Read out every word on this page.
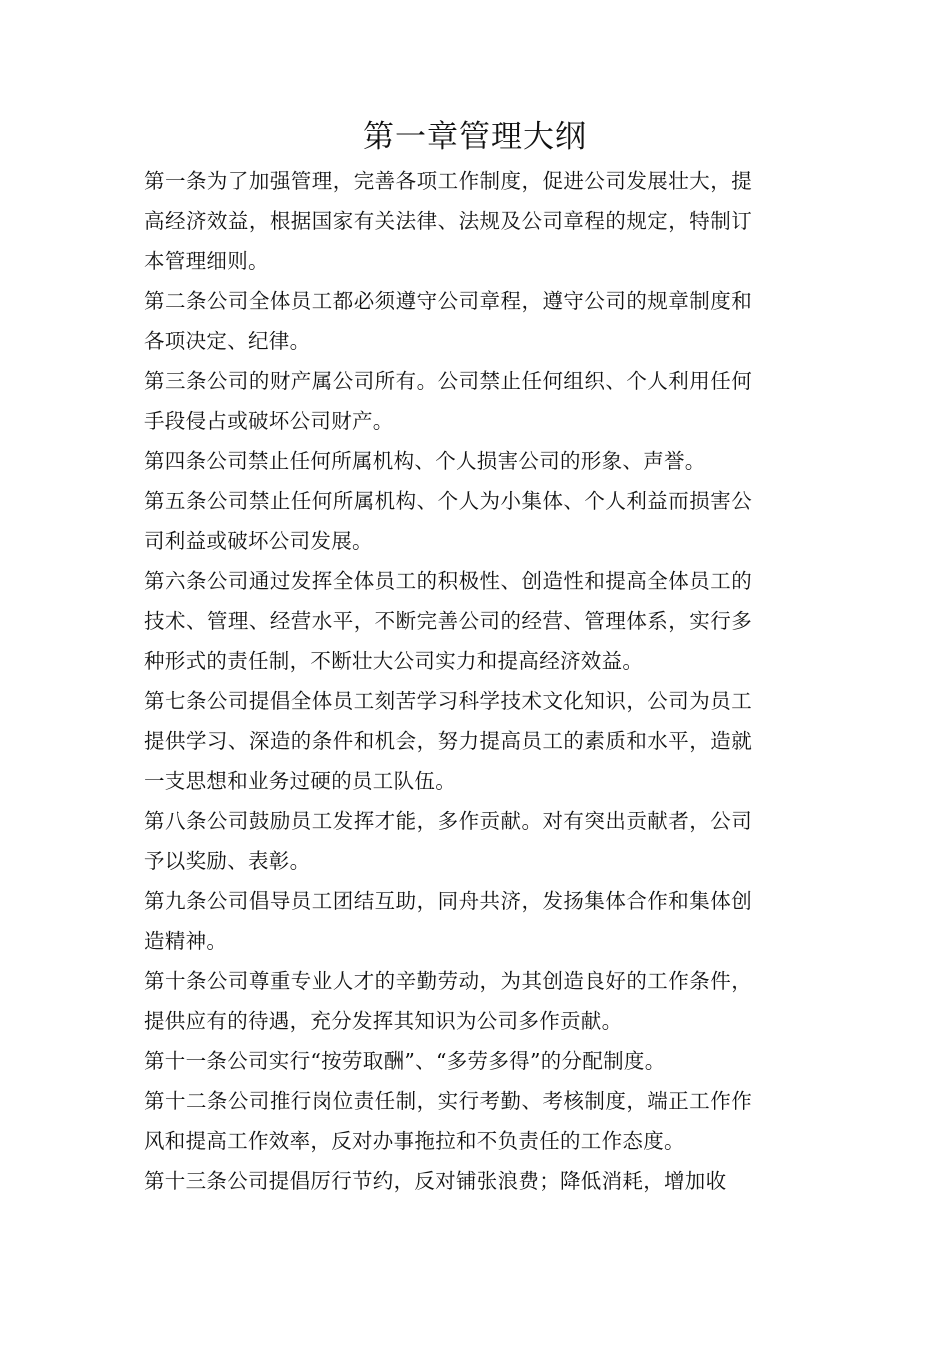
第一章管理大纲

第一条为了加强管理，完善各项工作制度，促进公司发展壮大，提高经济效益，根据国家有关法律、法规及公司章程的规定，特制订本管理细则。

第二条公司全体员工都必须遵守公司章程，遵守公司的规章制度和各项决定、纪律。

第三条公司的财产属公司所有。公司禁止任何组织、个人利用任何手段侵占或破坏公司财产。

第四条公司禁止任何所属机构、个人损害公司的形象、声誉。

第五条公司禁止任何所属机构、个人为小集体、个人利益而损害公司利益或破坏公司发展。

第六条公司通过发挥全体员工的积极性、创造性和提高全体员工的技术、管理、经营水平，不断完善公司的经营、管理体系，实行多种形式的责任制，不断壮大公司实力和提高经济效益。

第七条公司提倡全体员工刻苦学习科学技术文化知识，公司为员工提供学习、深造的条件和机会，努力提高员工的素质和水平，造就一支思想和业务过硬的员工队伍。

第八条公司鼓励员工发挥才能，多作贡献。对有突出贡献者，公司予以奖励、表彰。

第九条公司倡导员工团结互助，同舟共济，发扬集体合作和集体创造精神。

第十条公司尊重专业人才的辛勤劳动，为其创造良好的工作条件，提供应有的待遇，充分发挥其知识为公司多作贡献。

第十一条公司实行“按劳取酬”、“多劳多得”的分配制度。

第十二条公司推行岗位责任制，实行考勤、考核制度，端正工作作风和提高工作效率，反对办事拖拉和不负责任的工作态度。

第十三条公司提倡厉行节约，反对铺张浪费；降低消耗，增加收
